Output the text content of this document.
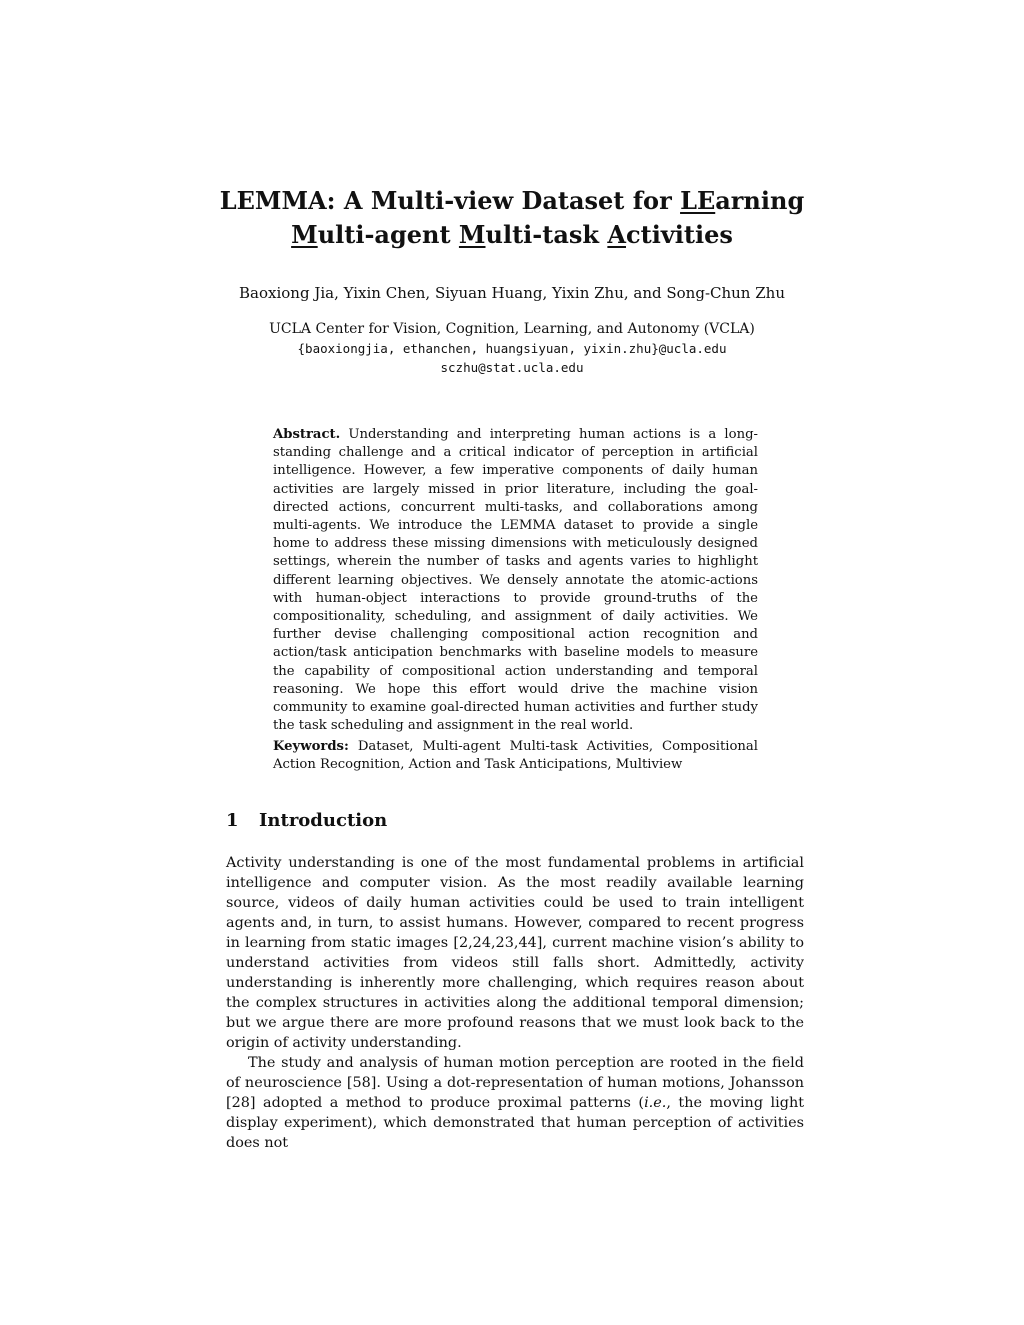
LEMMA: A Multi-view Dataset for LEarning
Multi-agent Multi-task Activities
Baoxiong Jia, Yixin Chen, Siyuan Huang, Yixin Zhu, and Song-Chun Zhu
UCLA Center for Vision, Cognition, Learning, and Autonomy (VCLA)
{baoxiongjia, ethanchen, huangsiyuan, yixin.zhu}@ucla.edu
sczhu@stat.ucla.edu
Abstract. Understanding and interpreting human actions is a long-standing challenge and a critical indicator of perception in artificial intelligence. However, a few imperative components of daily human activities are largely missed in prior literature, including the goal-directed actions, concurrent multi-tasks, and collaborations among multi-agents. We introduce the LEMMA dataset to provide a single home to address these missing dimensions with meticulously designed settings, wherein the number of tasks and agents varies to highlight different learning objectives. We densely annotate the atomic-actions with human-object interactions to provide ground-truths of the compositionality, scheduling, and assignment of daily activities. We further devise challenging compositional action recognition and action/task anticipation benchmarks with baseline models to measure the capability of compositional action understanding and temporal reasoning. We hope this effort would drive the machine vision community to examine goal-directed human activities and further study the task scheduling and assignment in the real world.
Keywords: Dataset, Multi-agent Multi-task Activities, Compositional Action Recognition, Action and Task Anticipations, Multiview
1 Introduction

Activity understanding is one of the most fundamental problems in artificial intelligence and computer vision. As the most readily available learning source, videos of daily human activities could be used to train intelligent agents and, in turn, to assist humans. However, compared to recent progress in learning from static images [2,24,23,44], current machine vision’s ability to understand activities from videos still falls short. Admittedly, activity understanding is inherently more challenging, which requires reason about the complex structures in activities along the additional temporal dimension; but we argue there are more profound reasons that we must look back to the origin of activity understanding.

The study and analysis of human motion perception are rooted in the field of neuroscience [58]. Using a dot-representation of human motions, Johansson [28] adopted a method to produce proximal patterns (i.e., the moving light display experiment), which demonstrated that human perception of activities does not
